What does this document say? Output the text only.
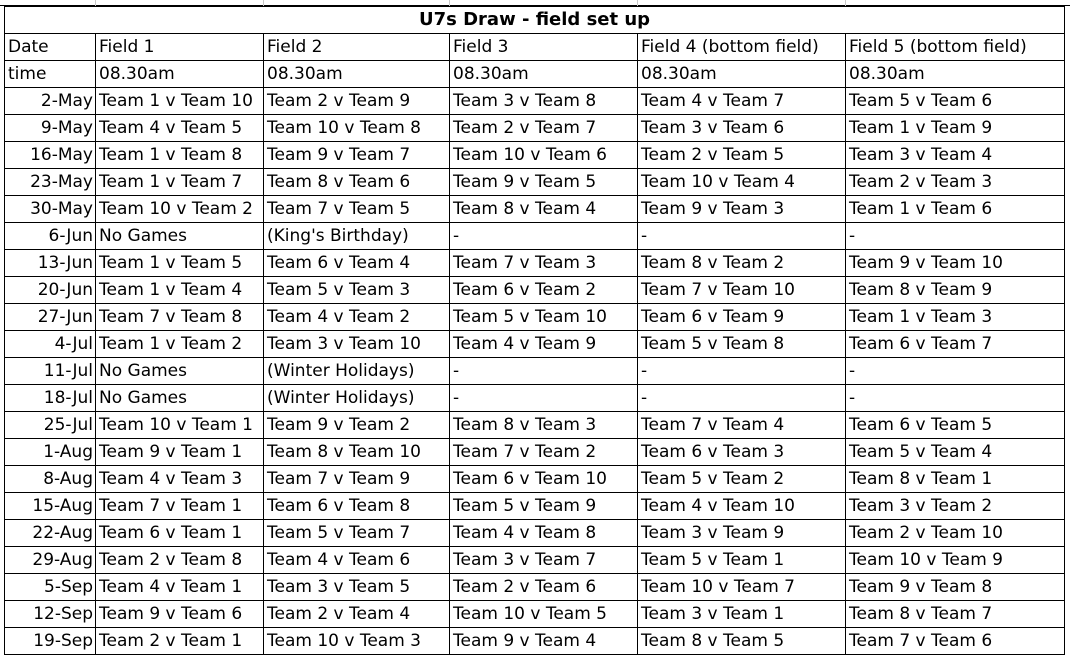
U7s Draw - field set up					
Date	Field 1	Field 2	Field 3	Field 4 (bottom field)	Field 5 (bottom field)
time	08.30am	08.30am	08.30am	08.30am	08.30am
2-May	Team 1 v Team 10	Team 2 v Team 9	Team 3 v Team 8	Team 4 v Team 7	Team 5 v Team 6
9-May	Team 4 v Team 5	Team 10 v Team 8	Team 2 v Team 7	Team 3 v Team 6	Team 1 v Team 9
16-May	Team 1 v Team 8	Team 9 v Team 7	Team 10 v Team 6	Team 2 v Team 5	Team 3 v Team 4
23-May	Team 1 v Team 7	Team 8 v Team 6	Team 9 v Team 5	Team 10 v Team 4	Team 2 v Team 3
30-May	Team 10 v Team 2	Team 7 v Team 5	Team 8 v Team 4	Team 9 v Team 3	Team 1 v Team 6
6-Jun	No Games	(King's Birthday)	-	-	-
13-Jun	Team 1 v Team 5	Team 6 v Team 4	Team 7 v Team 3	Team 8 v Team 2	Team 9 v Team 10
20-Jun	Team 1 v Team 4	Team 5 v Team 3	Team 6 v Team 2	Team 7 v Team 10	Team 8 v Team 9
27-Jun	Team 7 v Team 8	Team 4 v Team 2	Team 5 v Team 10	Team 6 v Team 9	Team 1 v Team 3
4-Jul	Team 1 v Team 2	Team 3 v Team 10	Team 4 v Team 9	Team 5 v Team 8	Team 6 v Team 7
11-Jul	No Games	(Winter Holidays)	-	-	-
18-Jul	No Games	(Winter Holidays)	-	-	-
25-Jul	Team 10 v Team 1	Team 9 v Team 2	Team 8 v Team 3	Team 7 v Team 4	Team 6 v Team 5
1-Aug	Team 9 v Team 1	Team 8 v Team 10	Team 7 v Team 2	Team 6 v Team 3	Team 5 v Team 4
8-Aug	Team 4 v Team 3	Team 7 v Team 9	Team 6 v Team 10	Team 5 v Team 2	Team 8 v Team 1
15-Aug	Team 7 v Team 1	Team 6 v Team 8	Team 5 v Team 9	Team 4 v Team 10	Team 3 v Team 2
22-Aug	Team 6 v Team 1	Team 5 v Team 7	Team 4 v Team 8	Team 3 v Team 9	Team 2 v Team 10
29-Aug	Team 2 v Team 8	Team 4 v Team 6	Team 3 v Team 7	Team 5 v Team 1	Team 10 v Team 9
5-Sep	Team 4 v Team 1	Team 3 v Team 5	Team 2 v Team 6	Team 10 v Team 7	Team 9 v Team 8
12-Sep	Team 9 v Team 6	Team 2 v Team 4	Team 10 v Team 5	Team 3 v Team 1	Team 8 v Team 7
19-Sep	Team 2 v Team 1	Team 10 v Team 3	Team 9 v Team 4	Team 8 v Team 5	Team 7 v Team 6
